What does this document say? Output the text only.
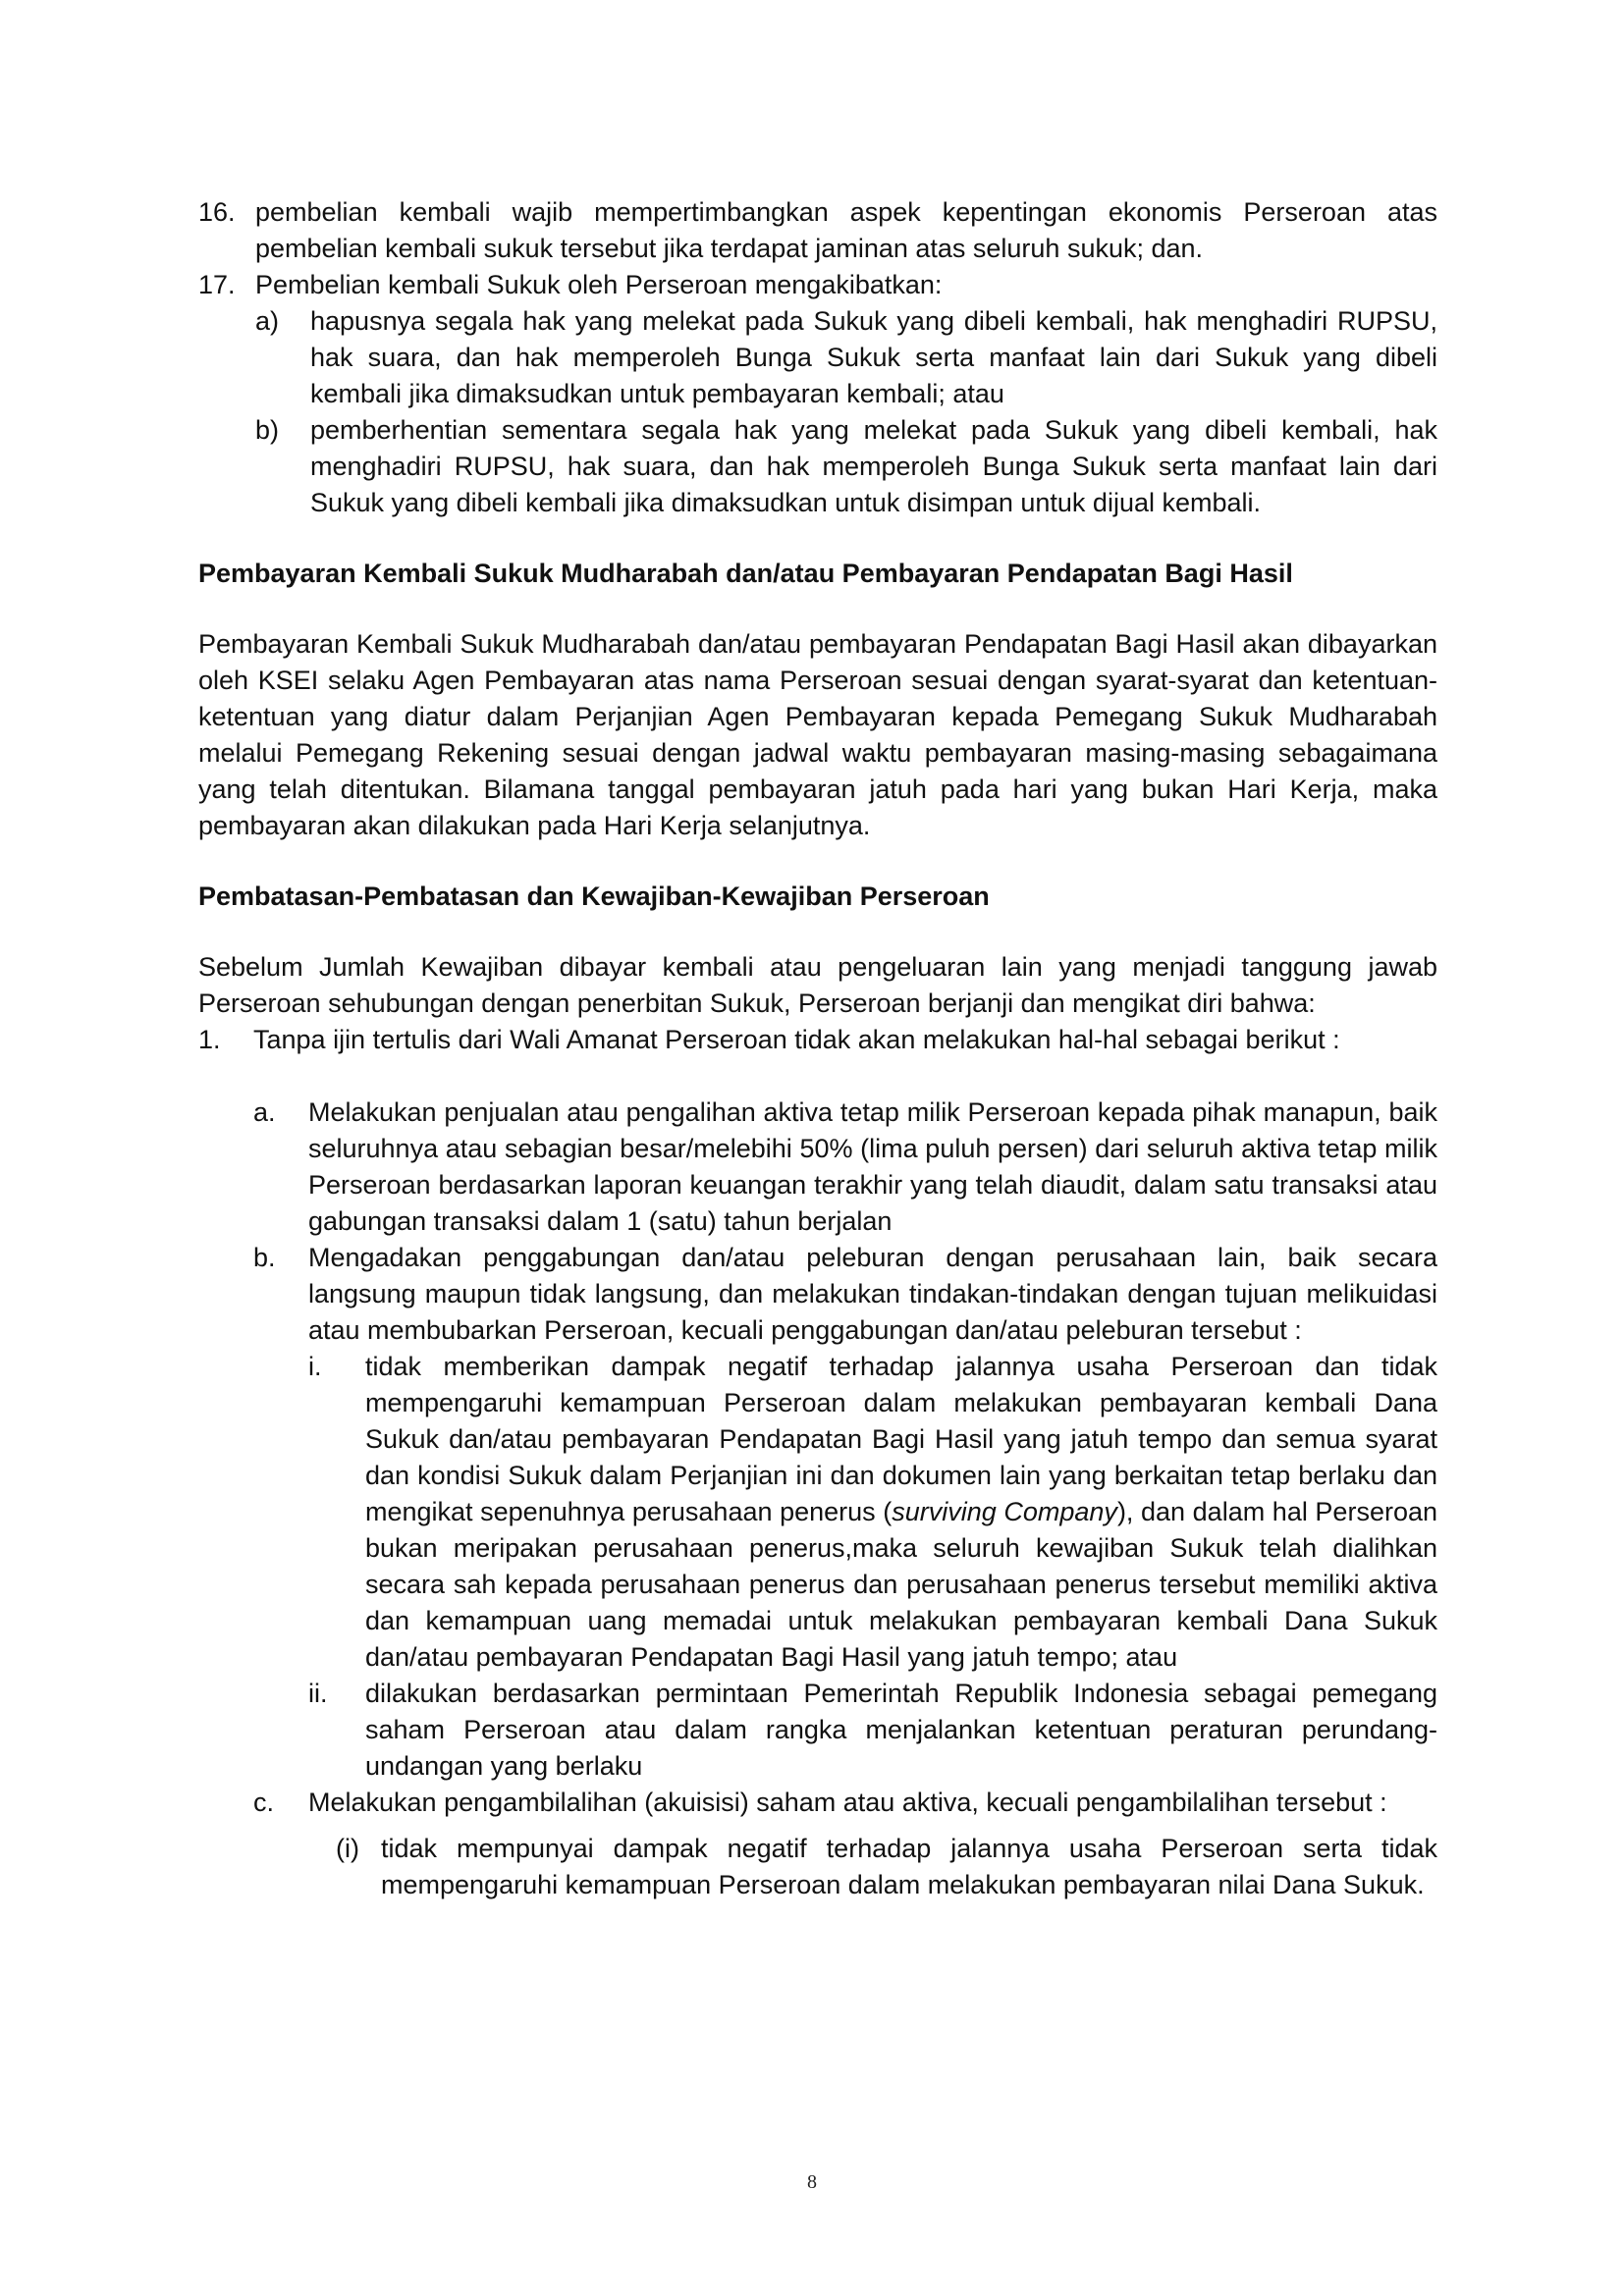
16. pembelian kembali wajib mempertimbangkan aspek kepentingan ekonomis Perseroan atas pembelian kembali sukuk tersebut jika terdapat jaminan atas seluruh sukuk; dan.
17. Pembelian kembali Sukuk oleh Perseroan mengakibatkan:
a)	hapusnya segala hak yang melekat pada Sukuk yang dibeli kembali, hak menghadiri RUPSU, hak suara, dan hak memperoleh Bunga Sukuk serta manfaat lain dari Sukuk yang dibeli kembali jika dimaksudkan untuk pembayaran kembali; atau
b)	pemberhentian sementara segala hak yang melekat pada Sukuk yang dibeli kembali, hak menghadiri RUPSU, hak suara, dan hak memperoleh Bunga Sukuk serta manfaat lain dari Sukuk yang dibeli kembali jika dimaksudkan untuk disimpan untuk dijual kembali.

Pembayaran Kembali Sukuk Mudharabah dan/atau Pembayaran Pendapatan Bagi Hasil

Pembayaran Kembali Sukuk Mudharabah dan/atau pembayaran Pendapatan Bagi Hasil akan dibayarkan oleh KSEI selaku Agen Pembayaran atas nama Perseroan sesuai dengan syarat-syarat dan ketentuan-ketentuan yang diatur dalam Perjanjian Agen Pembayaran kepada Pemegang Sukuk Mudharabah melalui Pemegang Rekening sesuai dengan jadwal waktu pembayaran masing-masing sebagaimana yang telah ditentukan. Bilamana tanggal pembayaran jatuh pada hari yang bukan Hari Kerja, maka pembayaran akan dilakukan pada Hari Kerja selanjutnya.

Pembatasan-Pembatasan dan Kewajiban-Kewajiban Perseroan

Sebelum Jumlah Kewajiban dibayar kembali atau pengeluaran lain yang menjadi tanggung jawab Perseroan sehubungan dengan penerbitan Sukuk, Perseroan berjanji dan mengikat diri bahwa:

1.	Tanpa ijin tertulis dari Wali Amanat Perseroan tidak akan melakukan hal-hal sebagai berikut :
a.	Melakukan penjualan atau pengalihan aktiva tetap milik Perseroan kepada pihak manapun, baik seluruhnya atau sebagian besar/melebihi 50% (lima puluh persen) dari seluruh aktiva tetap milik Perseroan berdasarkan laporan keuangan terakhir yang telah diaudit, dalam satu transaksi atau gabungan transaksi dalam 1 (satu) tahun berjalan
b.	Mengadakan penggabungan dan/atau peleburan dengan perusahaan lain, baik secara langsung maupun tidak langsung, dan melakukan tindakan-tindakan dengan tujuan melikuidasi atau membubarkan Perseroan, kecuali penggabungan dan/atau peleburan tersebut :
i.	tidak memberikan dampak negatif terhadap jalannya usaha Perseroan dan tidak mempengaruhi kemampuan Perseroan dalam melakukan pembayaran kembali Dana Sukuk dan/atau pembayaran Pendapatan Bagi Hasil yang jatuh tempo dan semua syarat dan kondisi Sukuk dalam Perjanjian ini dan dokumen lain yang berkaitan tetap berlaku dan mengikat sepenuhnya perusahaan penerus (surviving Company), dan dalam hal Perseroan bukan meripakan perusahaan penerus,maka seluruh kewajiban Sukuk telah dialihkan secara sah kepada perusahaan penerus dan perusahaan penerus tersebut memiliki aktiva dan kemampuan uang memadai untuk melakukan pembayaran kembali Dana Sukuk dan/atau pembayaran Pendapatan Bagi Hasil yang jatuh tempo; atau
ii.	dilakukan berdasarkan permintaan Pemerintah Republik Indonesia sebagai pemegang saham Perseroan atau dalam rangka menjalankan ketentuan peraturan perundang-undangan yang berlaku
c.	Melakukan pengambilalihan (akuisisi) saham atau aktiva, kecuali pengambilalihan tersebut :
(i) tidak mempunyai dampak negatif terhadap jalannya usaha Perseroan serta tidak mempengaruhi kemampuan Perseroan dalam melakukan pembayaran nilai Dana Sukuk.
8
